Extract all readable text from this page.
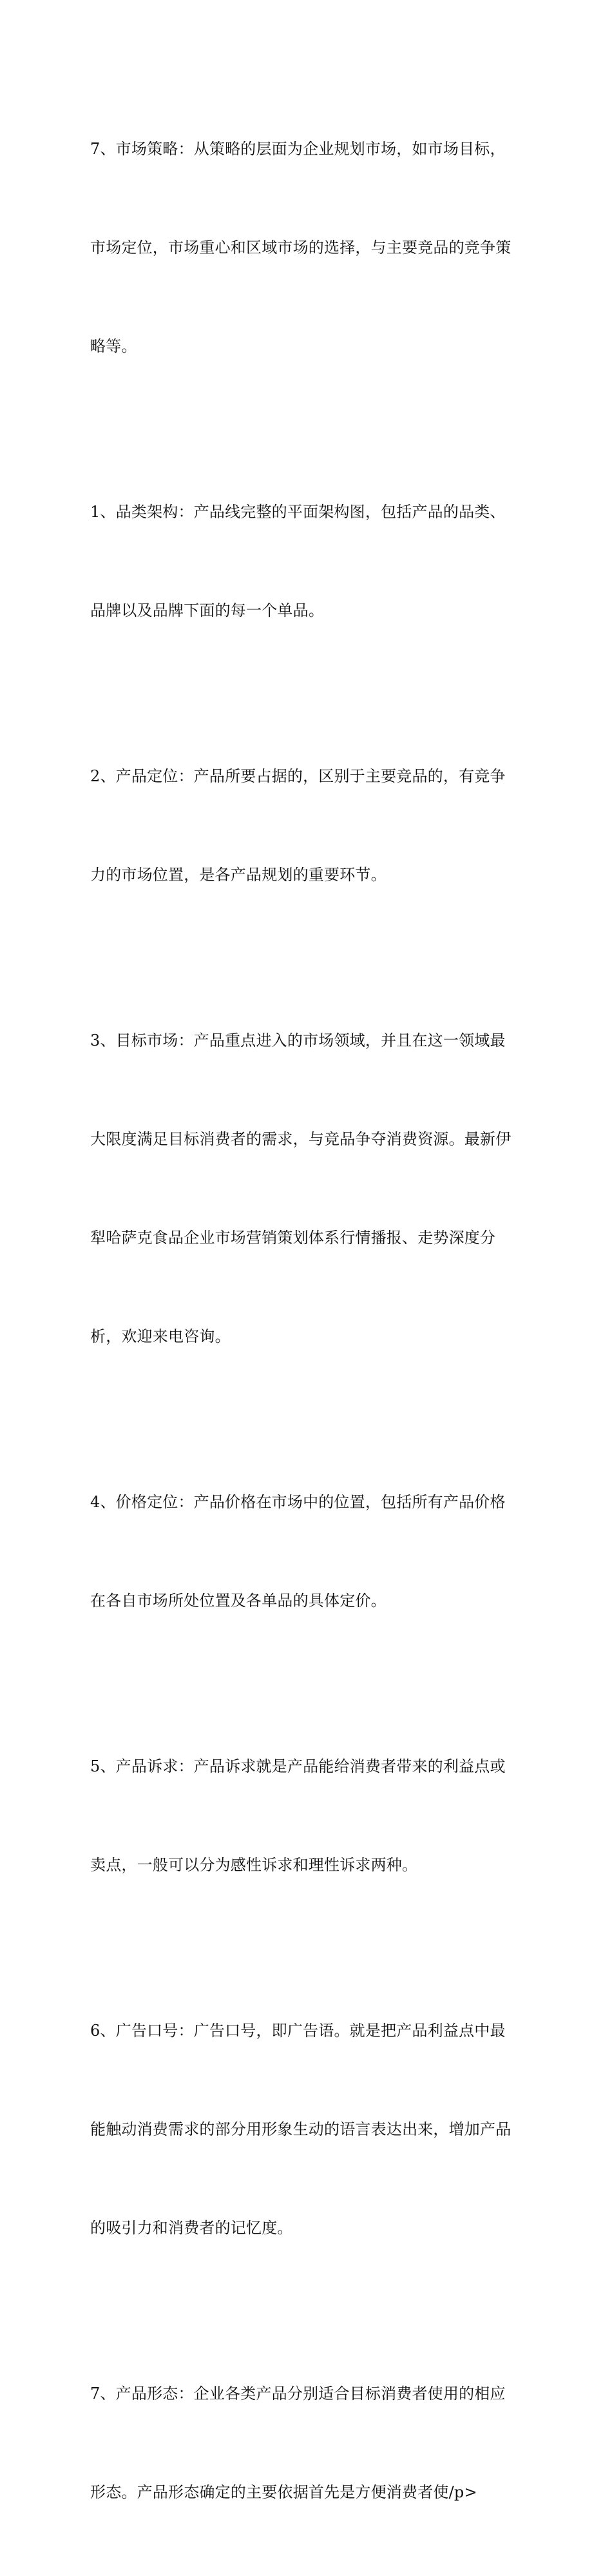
7、市场策略：从策略的层面为企业规划市场，如市场目标，

市场定位，市场重心和区域市场的选择，与主要竞品的竞争策

略等。

1、品类架构：产品线完整的平面架构图，包括产品的品类、

品牌以及品牌下面的每一个单品。

2、产品定位：产品所要占据的，区别于主要竞品的，有竞争

力的市场位置，是各产品规划的重要环节。

3、目标市场：产品重点进入的市场领域，并且在这一领域最

大限度满足目标消费者的需求，与竞品争夺消费资源。最新伊

犁哈萨克食品企业市场营销策划体系行情播报、走势深度分

析，欢迎来电咨询。

4、价格定位：产品价格在市场中的位置，包括所有产品价格

在各自市场所处位置及各单品的具体定价。

5、产品诉求：产品诉求就是产品能给消费者带来的利益点或

卖点，一般可以分为感性诉求和理性诉求两种。

6、广告口号：广告口号，即广告语。就是把产品利益点中最

能触动消费需求的部分用形象生动的语言表达出来，增加产品

的吸引力和消费者的记忆度。

7、产品形态：企业各类产品分别适合目标消费者使用的相应

形态。产品形态确定的主要依据首先是方便消费者使/p>
